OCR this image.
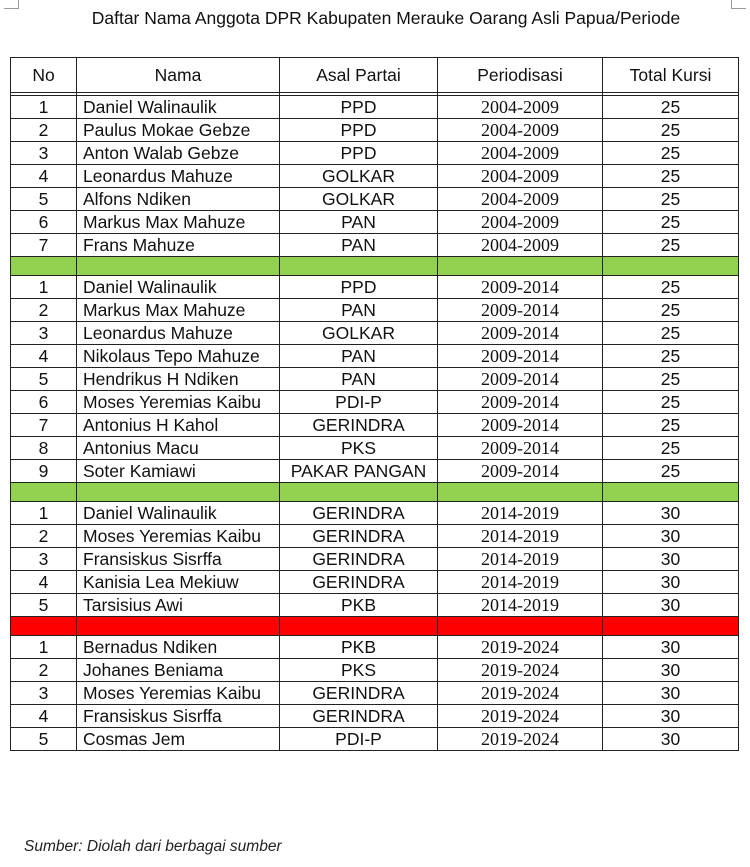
Daftar Nama Anggota DPR Kabupaten Merauke Oarang Asli Papua/Periode
No	Nama	Asal Partai	Periodisasi	Total Kursi

1	Daniel Walinaulik	PPD	2004-2009	25
2	Paulus Mokae Gebze	PPD	2004-2009	25
3	Anton Walab Gebze	PPD	2004-2009	25
4	Leonardus Mahuze	GOLKAR	2004-2009	25
5	Alfons Ndiken	GOLKAR	2004-2009	25
6	Markus Max Mahuze	PAN	2004-2009	25
7	Frans Mahuze	PAN	2004-2009	25

1	Daniel Walinaulik	PPD	2009-2014	25
2	Markus Max Mahuze	PAN	2009-2014	25
3	Leonardus Mahuze	GOLKAR	2009-2014	25
4	Nikolaus Tepo Mahuze	PAN	2009-2014	25
5	Hendrikus H Ndiken	PAN	2009-2014	25
6	Moses Yeremias Kaibu	PDI-P	2009-2014	25
7	Antonius H Kahol	GERINDRA	2009-2014	25
8	Antonius Macu	PKS	2009-2014	25
9	Soter Kamiawi	PAKAR PANGAN	2009-2014	25

1	Daniel Walinaulik	GERINDRA	2014-2019	30
2	Moses Yeremias Kaibu	GERINDRA	2014-2019	30
3	Fransiskus Sisrffa	GERINDRA	2014-2019	30
4	Kanisia Lea Mekiuw	GERINDRA	2014-2019	30
5	Tarsisius Awi	PKB	2014-2019	30

1	Bernadus Ndiken	PKB	2019-2024	30
2	Johanes Beniama	PKS	2019-2024	30
3	Moses Yeremias Kaibu	GERINDRA	2019-2024	30
4	Fransiskus Sisrffa	GERINDRA	2019-2024	30
5	Cosmas Jem	PDI-P	2019-2024	30
Sumber: Diolah dari berbagai sumber
